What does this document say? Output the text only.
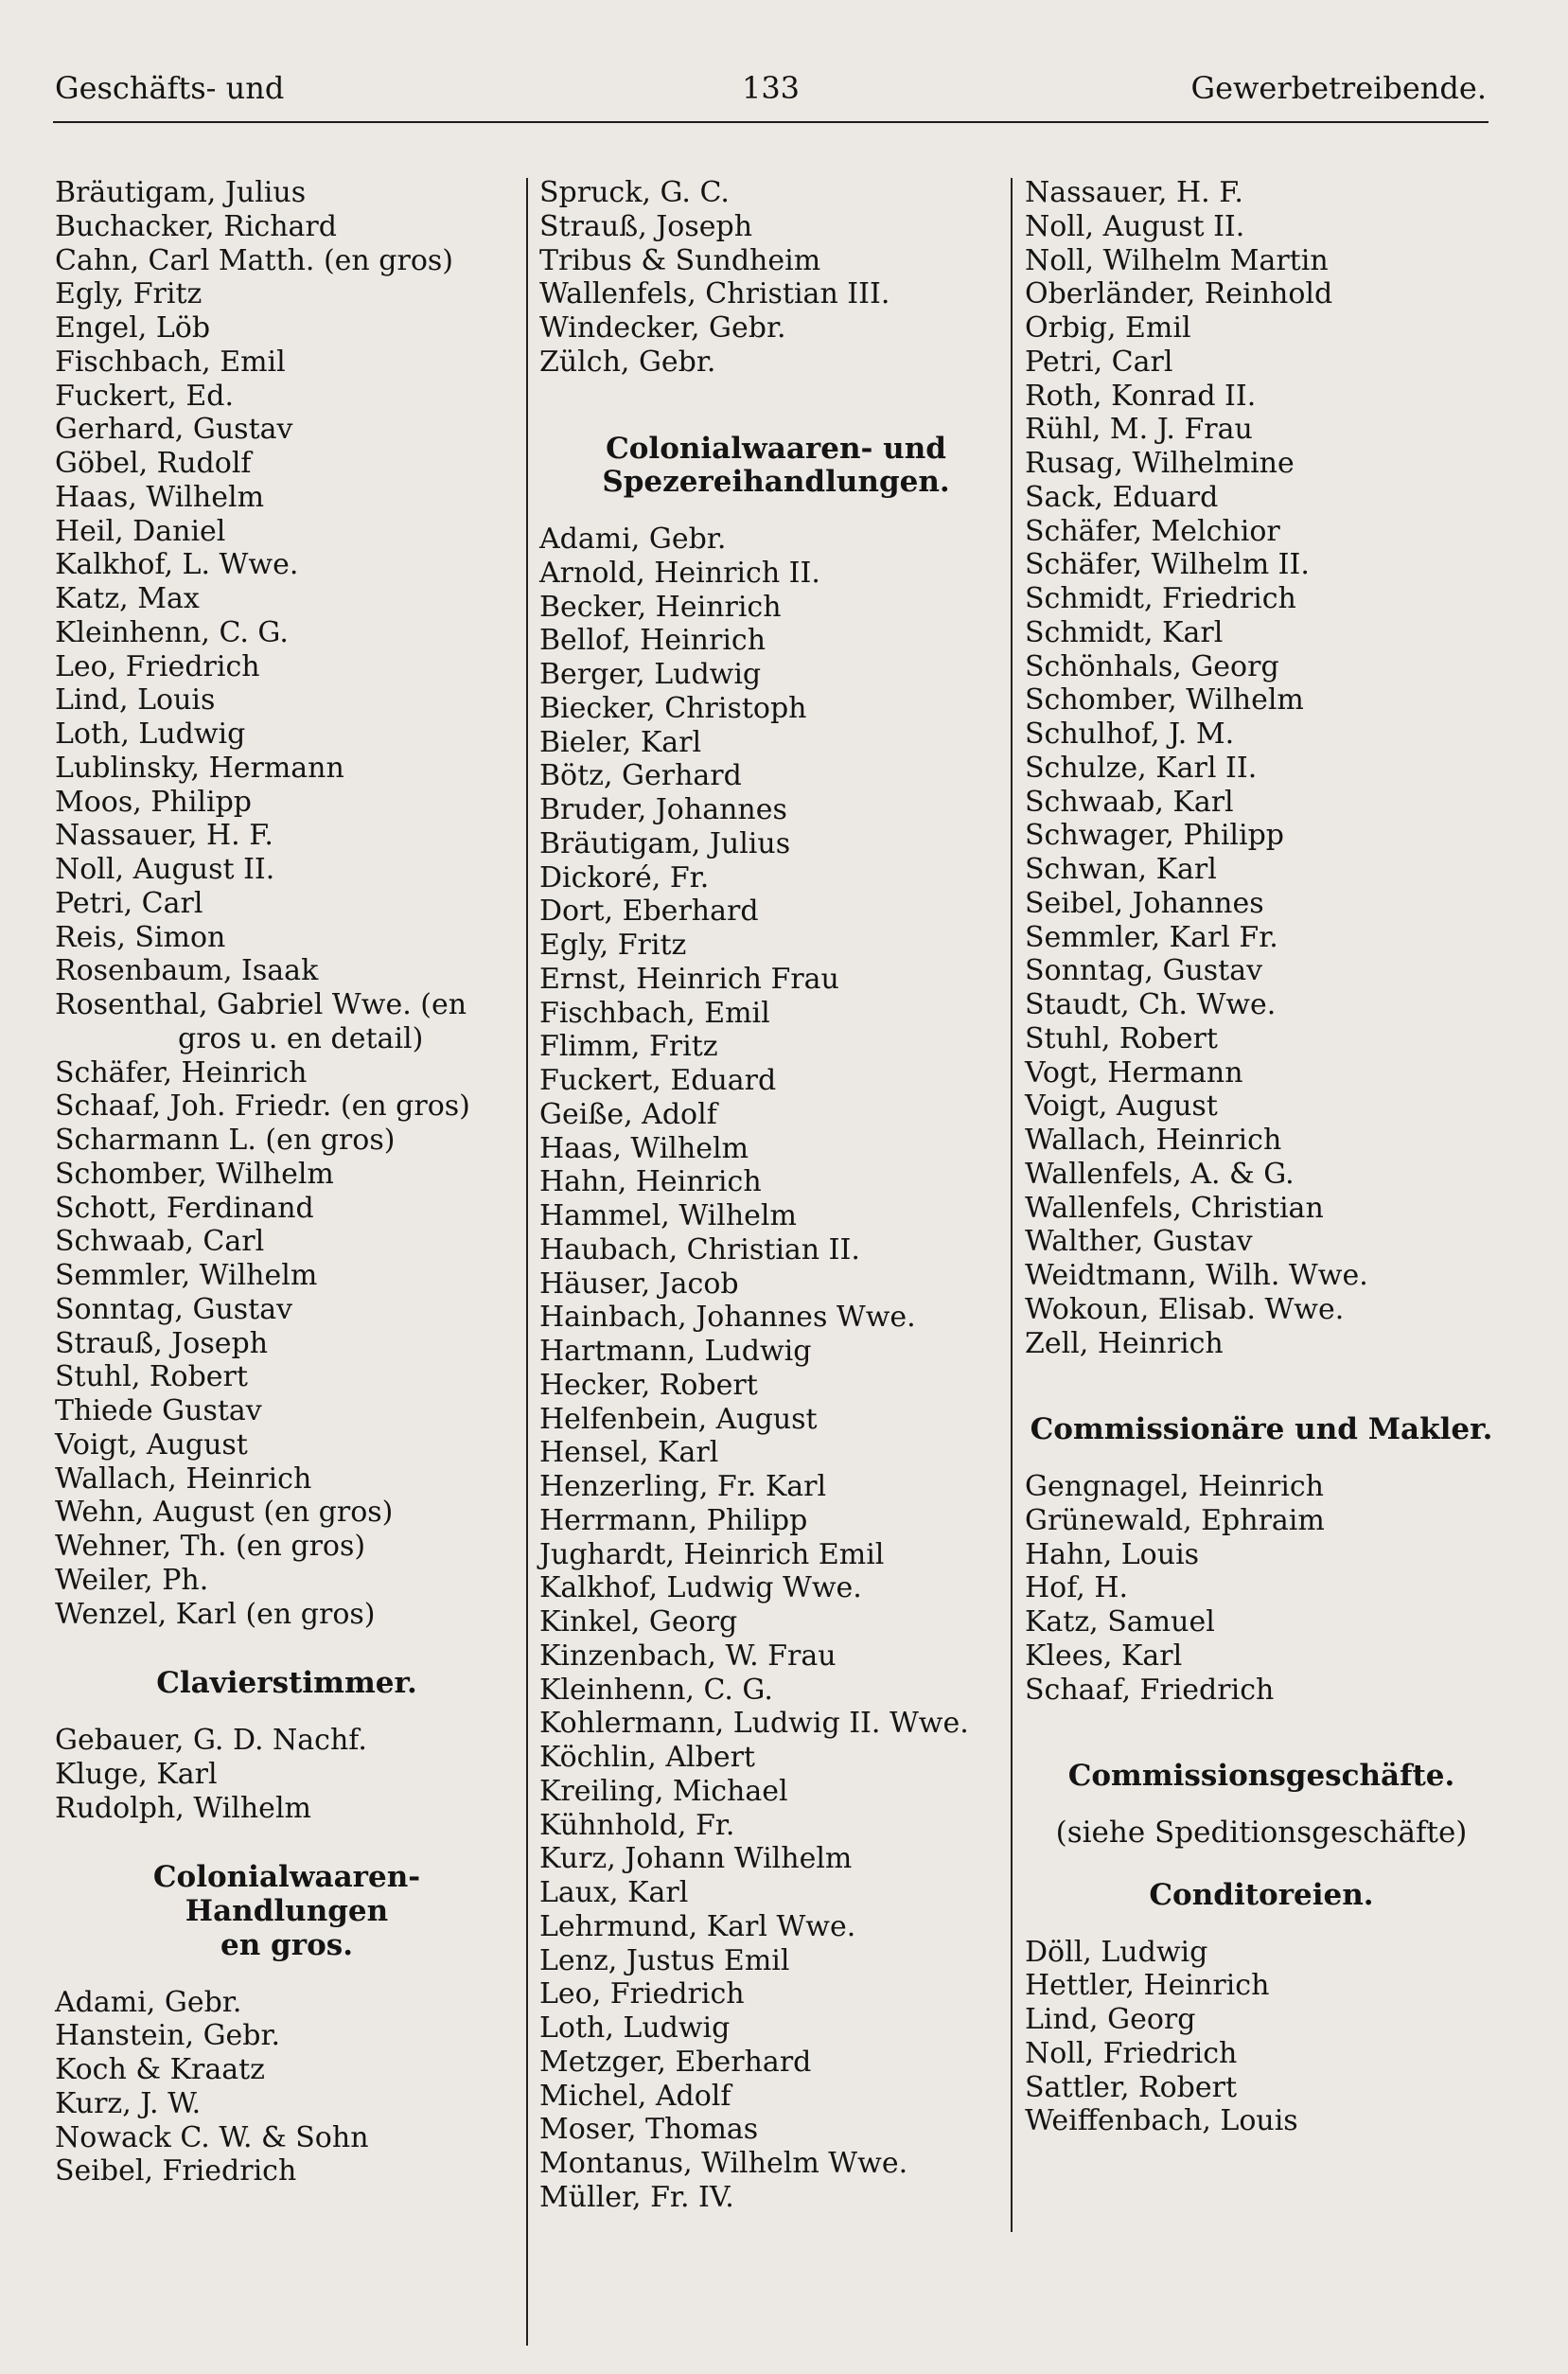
Geschäfts- und	133	Gewerbetreibende.
Bräutigam, Julius
Buchacker, Richard
Cahn, Carl Matth. (en gros)
Egly, Fritz
Engel, Löb
Fischbach, Emil
Fuckert, Ed.
Gerhard, Gustav
Göbel, Rudolf
Haas, Wilhelm
Heil, Daniel
Kalkhof, L. Wwe.
Katz, Max
Kleinhenn, C. G.
Leo, Friedrich
Lind, Louis
Loth, Ludwig
Lublinsky, Hermann
Moos, Philipp
Nassauer, H. F.
Noll, August II.
Petri, Carl
Reis, Simon
Rosenbaum, Isaak
Rosenthal, Gabriel Wwe. (en
gros u. en detail)
Schäfer, Heinrich
Schaaf, Joh. Friedr. (en gros)
Scharmann L. (en gros)
Schomber, Wilhelm
Schott, Ferdinand
Schwaab, Carl
Semmler, Wilhelm
Sonntag, Gustav
Strauß, Joseph
Stuhl, Robert
Thiede Gustav
Voigt, August
Wallach, Heinrich
Wehn, August (en gros)
Wehner, Th. (en gros)
Weiler, Ph.
Wenzel, Karl (en gros)
Clavierstimmer.
Gebauer, G. D. Nachf.
Kluge, Karl
Rudolph, Wilhelm
Colonialwaaren-Handlungen
en gros.
Adami, Gebr.
Hanstein, Gebr.
Koch & Kraatz
Kurz, J. W.
Nowack C. W. & Sohn
Seibel, Friedrich
Spruck, G. C.
Strauß, Joseph
Tribus & Sundheim
Wallenfels, Christian III.
Windecker, Gebr.
Zülch, Gebr.
Colonialwaaren- und
Spezereihandlungen.
Adami, Gebr.
Arnold, Heinrich II.
Becker, Heinrich
Bellof, Heinrich
Berger, Ludwig
Biecker, Christoph
Bieler, Karl
Bötz, Gerhard
Bruder, Johannes
Bräutigam, Julius
Dickoré, Fr.
Dort, Eberhard
Egly, Fritz
Ernst, Heinrich Frau
Fischbach, Emil
Flimm, Fritz
Fuckert, Eduard
Geiße, Adolf
Haas, Wilhelm
Hahn, Heinrich
Hammel, Wilhelm
Haubach, Christian II.
Häuser, Jacob
Hainbach, Johannes Wwe.
Hartmann, Ludwig
Hecker, Robert
Helfenbein, August
Hensel, Karl
Henzerling, Fr. Karl
Herrmann, Philipp
Jughardt, Heinrich Emil
Kalkhof, Ludwig Wwe.
Kinkel, Georg
Kinzenbach, W. Frau
Kleinhenn, C. G.
Kohlermann, Ludwig II. Wwe.
Köchlin, Albert
Kreiling, Michael
Kühnhold, Fr.
Kurz, Johann Wilhelm
Laux, Karl
Lehrmund, Karl Wwe.
Lenz, Justus Emil
Leo, Friedrich
Loth, Ludwig
Metzger, Eberhard
Michel, Adolf
Moser, Thomas
Montanus, Wilhelm Wwe.
Müller, Fr. IV.
Nassauer, H. F.
Noll, August II.
Noll, Wilhelm Martin
Oberländer, Reinhold
Orbig, Emil
Petri, Carl
Roth, Konrad II.
Rühl, M. J. Frau
Rusag, Wilhelmine
Sack, Eduard
Schäfer, Melchior
Schäfer, Wilhelm II.
Schmidt, Friedrich
Schmidt, Karl
Schönhals, Georg
Schomber, Wilhelm
Schulhof, J. M.
Schulze, Karl II.
Schwaab, Karl
Schwager, Philipp
Schwan, Karl
Seibel, Johannes
Semmler, Karl Fr.
Sonntag, Gustav
Staudt, Ch. Wwe.
Stuhl, Robert
Vogt, Hermann
Voigt, August
Wallach, Heinrich
Wallenfels, A. & G.
Wallenfels, Christian
Walther, Gustav
Weidtmann, Wilh. Wwe.
Wokoun, Elisab. Wwe.
Zell, Heinrich
Commissionäre und Makler.
Gengnagel, Heinrich
Grünewald, Ephraim
Hahn, Louis
Hof, H.
Katz, Samuel
Klees, Karl
Schaaf, Friedrich
Commissionsgeschäfte.
(siehe Speditionsgeschäfte)
Conditoreien.
Döll, Ludwig
Hettler, Heinrich
Lind, Georg
Noll, Friedrich
Sattler, Robert
Weiffenbach, Louis
